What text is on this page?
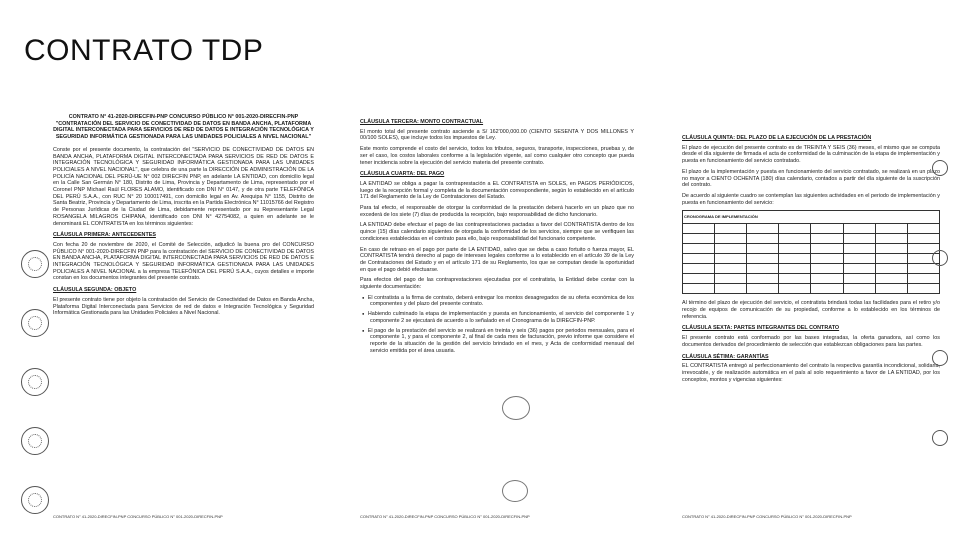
CONTRATO TDP
CONTRATO N° 41-2020-DIRECFIN-PNP CONCURSO PÚBLICO N° 001-2020-DIRECFIN-PNP "CONTRATACIÓN DEL SERVICIO DE CONECTIVIDAD DE DATOS EN BANDA ANCHA, PLATAFORMA DIGITAL INTERCONECTADA PARA SERVICIOS DE RED DE DATOS E INTEGRACIÓN TECNOLÓGICA Y SEGURIDAD INFORMÁTICA GESTIONADA PARA LAS UNIDADES POLICIALES A NIVEL NACIONAL"
Conste por el presente documento, la contratación del "SERVICIO DE CONECTIVIDAD DE DATOS EN BANDA ANCHA, PLATAFORMA DIGITAL INTERCONECTADA PARA SERVICIOS DE RED DE DATOS E INTEGRACIÓN TECNOLÓGICA Y SEGURIDAD INFORMÁTICA GESTIONADA PARA LAS UNIDADES POLICIALES A NIVEL NACIONAL", que celebra de una parte la DIRECCIÓN DE ADMINISTRACIÓN DE LA POLICÍA NACIONAL DEL PERÚ-UE N° 002 DIRECFIN PNP, en adelante LA ENTIDAD, con domicilio legal en la Calle San Germán N° 180, Distrito de Lima, Provincia y Departamento de Lima, representado por el Coronel PNP Michael Raúl FLORES ALAMO, identificado con DNI N° 0147, y de otra parte TELEFÓNICA DEL PERÚ S.A.A., con RUC N° 20 100017491, con domicilio legal en Av. Arequipa N° 1155, Distrito de Santa Beatriz, Provincia y Departamento de Lima, inscrita en la Partida Electrónica N° 11015766 del Registro de Personas Jurídicas de la Ciudad de Lima, debidamente representado por su Representante Legal ROSANGELA MILAGROS CHIPANA, identificado con DNI N° 42754082, a quien en adelante se le denominará EL CONTRATISTA en los términos siguientes:
CLÁUSULA PRIMERA: ANTECEDENTES
Con fecha 20 de noviembre de 2020, el Comité de Selección, adjudicó la buena pro del CONCURSO PÚBLICO N° 001-2020-DIRECFIN PNP para la contratación del SERVICIO DE CONECTIVIDAD DE DATOS EN BANDA ANCHA, PLATAFORMA DIGITAL INTERCONECTADA PARA SERVICIOS DE RED DE DATOS E INTEGRACIÓN TECNOLÓGICA Y SEGURIDAD INFORMÁTICA GESTIONADA PARA LAS UNIDADES POLICIALES A NIVEL NACIONAL a la empresa TELEFÓNICA DEL PERÚ S.A.A., cuyos detalles e importe constan en los documentos integrantes del presente contrato.
CLÁUSULA SEGUNDA: OBJETO
El presente contrato tiene por objeto la contratación del Servicio de Conectividad de Datos en Banda Ancha, Plataforma Digital Interconectada para Servicios de red de datos e Integración Tecnológica y Seguridad Informática Gestionada para las Unidades Policiales a Nivel Nacional.
CONTRATO N° 41-2020-DIRECFIN-PNP CONCURSO PÚBLICO N° 001-2020-DIRECFIN-PNP
CLÁUSULA TERCERA: MONTO CONTRACTUAL
El monto total del presente contrato asciende a S/ 162'000,000.00 (CIENTO SESENTA Y DOS MILLONES Y 00/100 SOLES), que incluye todos los impuestos de Ley.
Este monto comprende el costo del servicio, todos los tributos, seguros, transporte, inspecciones, pruebas y, de ser el caso, los costos laborales conforme a la legislación vigente, así como cualquier otro concepto que pueda tener incidencia sobre la ejecución del servicio materia del presente contrato.
CLÁUSULA CUARTA: DEL PAGO
LA ENTIDAD se obliga a pagar la contraprestación a EL CONTRATISTA en SOLES, en PAGOS PERIÓDICOS, luego de la recepción formal y completa de la documentación correspondiente, según lo establecido en el artículo 171 del Reglamento de la Ley de Contrataciones del Estado.
Para tal efecto, el responsable de otorgar la conformidad de la prestación deberá hacerlo en un plazo que no excederá de los siete (7) días de producida la recepción, bajo responsabilidad de dicho funcionario.
LA ENTIDAD debe efectuar el pago de las contraprestaciones pactadas a favor del CONTRATISTA dentro de los quince (15) días calendario siguientes de otorgada la conformidad de los servicios, siempre que se verifiquen las condiciones establecidas en el contrato para ello, bajo responsabilidad del funcionario competente.
En caso de retraso en el pago por parte de LA ENTIDAD, salvo que se deba a caso fortuito o fuerza mayor, EL CONTRATISTA tendrá derecho al pago de intereses legales conforme a lo establecido en el artículo 39 de la Ley de Contrataciones del Estado y en el artículo 171 de su Reglamento, los que se computan desde la oportunidad en que el pago debió efectuarse.
Para efectos del pago de las contraprestaciones ejecutadas por el contratista, la Entidad debe contar con la siguiente documentación:
● El contratista a la firma de contrato, deberá entregar los montos desagregados de su oferta económica de los componentes y del plazo del presente contrato.
● Habiendo culminado la etapa de implementación y puesta en funcionamiento, el servicio del componente 1 y componente 2 se ejecutará de acuerdo a lo señalado en el Cronograma de la DIRECFIN-PNP.
● El pago de la prestación del servicio se realizará en treinta y seis (36) pagos por periodos mensuales, para el componente 1, y para el componente 2, al final de cada mes de facturación, previo informe que considere el reporte de la situación de la gestión del servicio brindado en el mes, y Acta de conformidad mensual del servicio emitida por el área usuaria.
CONTRATO N° 41-2020-DIRECFIN-PNP CONCURSO PÚBLICO N° 001-2020-DIRECFIN-PNP
CLÁUSULA QUINTA: DEL PLAZO DE LA EJECUCIÓN DE LA PRESTACIÓN
El plazo de ejecución del presente contrato es de TREINTA Y SEIS (36) meses, el mismo que se computa desde el día siguiente de firmada el acta de conformidad de la culminación de la etapa de implementación y puesta en funcionamiento del servicio contratado.
El plazo de la implementación y puesta en funcionamiento del servicio contratado, se realizará en un plazo no mayor a CIENTO OCHENTA (180) días calendario, contados a partir del día siguiente de la suscripción del contrato.
De acuerdo al siguiente cuadro se contemplan las siguientes actividades en el periodo de implementación y puesta en funcionamiento del servicio:
CRONOGRAMA DE IMPLEMENTACIÓN							

Al término del plazo de ejecución del servicio, el contratista brindará todas las facilidades para el retiro y/o recojo de equipos de comunicación de su propiedad, conforme a lo establecido en los términos de referencia.
CLÁUSULA SEXTA: PARTES INTEGRANTES DEL CONTRATO
El presente contrato está conformado por las bases integradas, la oferta ganadora, así como los documentos derivados del procedimiento de selección que establezcan obligaciones para las partes.
CLÁUSULA SÉTIMA: GARANTÍAS
EL CONTRATISTA entregó al perfeccionamiento del contrato la respectiva garantía incondicional, solidaria, irrevocable, y de realización automática en el país al solo requerimiento a favor de LA ENTIDAD, por los conceptos, montos y vigencias siguientes:
CONTRATO N° 41-2020-DIRECFIN-PNP CONCURSO PÚBLICO N° 001-2020-DIRECFIN-PNP
